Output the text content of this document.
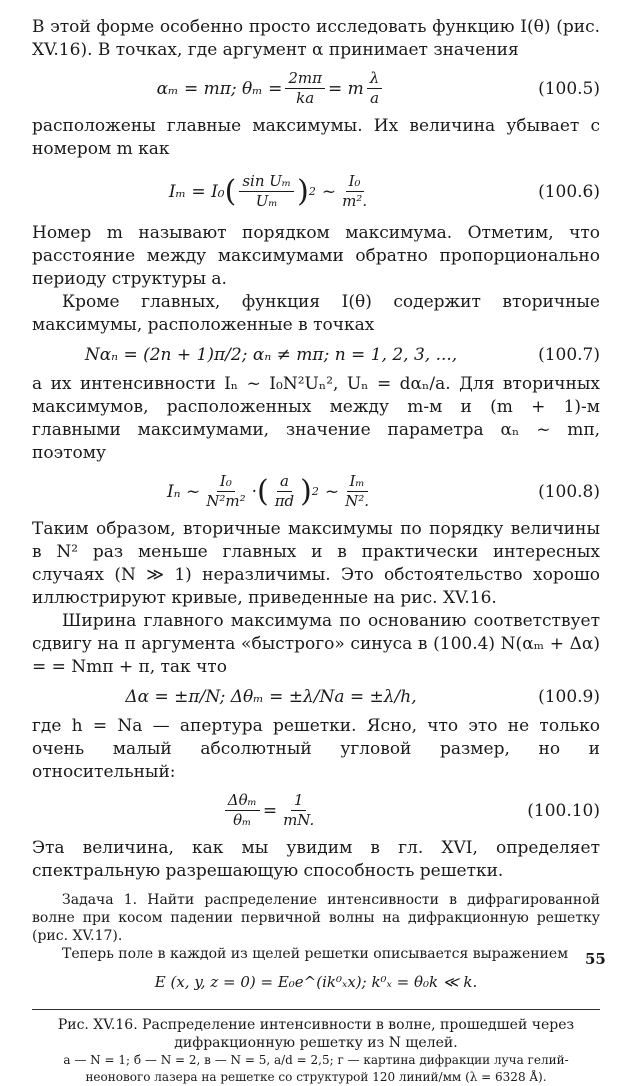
В этой форме особенно просто исследовать функцию I(θ) (рис. XV.16). В точках, где аргумент α принимает значения

αₘ = mπ; $\theta_m = \frac{2m\pi}{ka} = m \frac{\lambda}{a}$	(100.5)

расположены главные максимумы. Их величина убывает с номером m как

Iₘ = I₀ ( $\frac{\text{sin Uₘ}}{\text{Uₘ}}$ ) 2 ~ $\frac{\text{I₀}}{\text{m².}}$	(100.6)

Номер m называют порядком максимума. Отметим, что расстояние между максимумами обратно пропорционально периоду структуры a.

Кроме главных, функция I(θ) содержит вторичные максимумы, расположенные в точках

Nαₙ = (2n + 1)π/2; αₙ ≠ mπ; n = 1, 2, 3, ...,	(100.7)

а их интенсивности Iₙ ~ I₀N²Uₙ², Uₙ = dαₙ/a. Для вторичных максимумов, расположенных между m-м и (m + 1)-м главными максимумами, значение параметра αₙ ~ mπ, поэтому

Iₙ ~ $\frac{\text{I₀}}{\text{N²m²}}$ · ( $\frac{a}{\pi d}$ ) 2 ~ $\frac{\text{Iₘ}}{\text{N².}}$	(100.8)

Таким образом, вторичные максимумы по порядку величины в N² раз меньше главных и в практически интересных случаях (N ≫ 1) неразличимы. Это обстоятельство хорошо иллюстрируют кривые, приведенные на рис. XV.16.

Ширина главного максимума по основанию соответствует сдвигу на π аргумента «быстрого» синуса в (100.4) N(αₘ + Δα) = = Nmπ + π, так что

Δα = ±π/N; Δθₘ = ±λ/Na = ±λ/h,	(100.9)

где h = Na — апертура решетки. Ясно, что это не только очень малый абсолютный угловой размер, но и относительный:

$\frac{\text{Δθₘ}}{\text{θₘ}} = \frac{1}{mN.}$	(100.10)

Эта величина, как мы увидим в гл. XVI, определяет спектральную разрешающую способность решетки.

Задача 1. Найти распределение интенсивности в дифрагированной волне при косом падении первичной волны на дифракционную решетку (рис. XV.17).

Теперь поле в каждой из щелей решетки описывается выражением

E (x, y, z = 0) = E₀e^(ik⁰ₓx); k⁰ₓ = θ₀k ≪ k.

Рис. XV.16. Распределение интенсивности в волне, прошедшей через дифракционную решетку из N щелей.

а — N = 1; б — N = 2, в — N = 5, a/d = 2,5; г — картина дифракции луча гелий-неонового лазера на решетке со структурой 120 линий/мм (λ = 6328 Å).

55
